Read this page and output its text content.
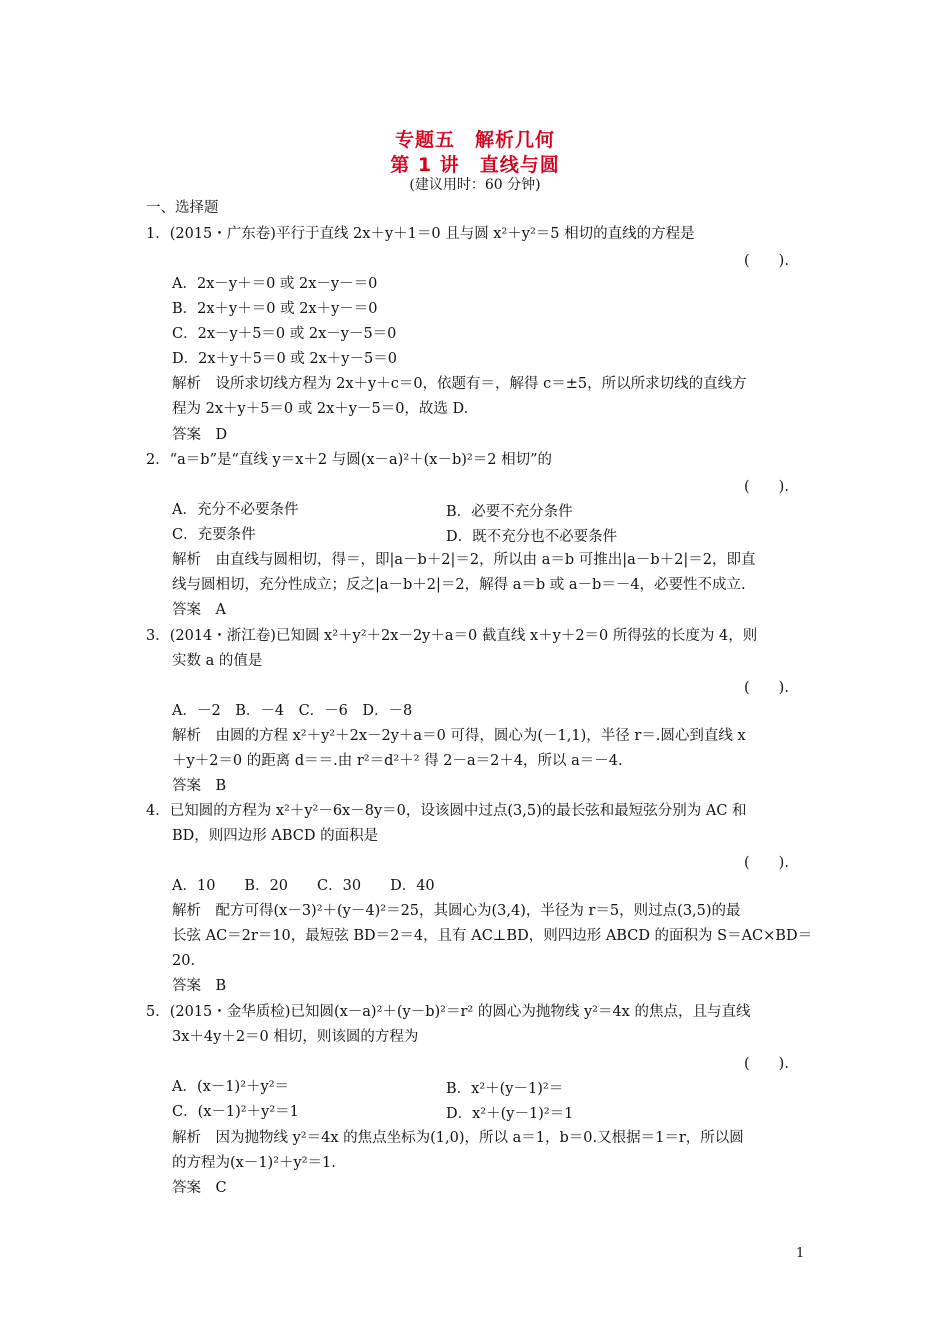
专题五　解析几何
第 1 讲　直线与圆
(建议用时：60 分钟)
一、选择题
1．(2015・广东卷)平行于直线 2x＋y＋1＝0 且与圆 x²＋y²＝5 相切的直线的方程是
(　　).
A．2x－y＋＝0 或 2x－y－＝0
B．2x＋y＋＝0 或 2x＋y－＝0
C．2x－y＋5＝0 或 2x－y－5＝0
D．2x＋y＋5＝0 或 2x＋y－5＝0
解析　设所求切线方程为 2x＋y＋c＝0，依题有＝，解得 c＝±5，所以所求切线的直线方
程为 2x＋y＋5＝0 或 2x＋y－5＝0，故选 D.
答案　D
2．“a＝b”是“直线 y＝x＋2 与圆(x－a)²＋(x－b)²＝2 相切”的
(　　).
A．充分不必要条件	B．必要不充分条件
C．充要条件	D．既不充分也不必要条件
解析　由直线与圆相切，得＝，即|a－b＋2|＝2，所以由 a＝b 可推出|a－b＋2|＝2，即直
线与圆相切，充分性成立；反之|a－b＋2|＝2，解得 a＝b 或 a－b＝－4，必要性不成立.
答案　A
3．(2014・浙江卷)已知圆 x²＋y²＋2x－2y＋a＝0 截直线 x＋y＋2＝0 所得弦的长度为 4，则
实数 a 的值是
(　　).
A．－2　B．－4　C．－6　D．－8
解析　由圆的方程 x²＋y²＋2x－2y＋a＝0 可得，圆心为(－1,1)，半径 r＝.圆心到直线 x
＋y＋2＝0 的距离 d＝＝.由 r²＝d²＋² 得 2－a＝2＋4，所以 a＝－4.
答案　B
4．已知圆的方程为 x²＋y²－6x－8y＝0，设该圆中过点(3,5)的最长弦和最短弦分别为 AC 和
BD，则四边形 ABCD 的面积是
(　　).
A．10　　B．20　　C．30　　D．40
解析　配方可得(x－3)²＋(y－4)²＝25，其圆心为(3,4)，半径为 r＝5，则过点(3,5)的最
长弦 AC＝2r＝10，最短弦 BD＝2＝4，且有 AC⊥BD，则四边形 ABCD 的面积为 S＝AC×BD＝
20.
答案　B
5．(2015・金华质检)已知圆(x－a)²＋(y－b)²＝r² 的圆心为抛物线 y²＝4x 的焦点，且与直线
3x＋4y＋2＝0 相切，则该圆的方程为
(　　).
A．(x－1)²＋y²＝	B．x²＋(y－1)²＝
C．(x－1)²＋y²＝1	D．x²＋(y－1)²＝1
解析　因为抛物线 y²＝4x 的焦点坐标为(1,0)，所以 a＝1，b＝0.又根据＝1＝r，所以圆
的方程为(x－1)²＋y²＝1.
答案　C
1
